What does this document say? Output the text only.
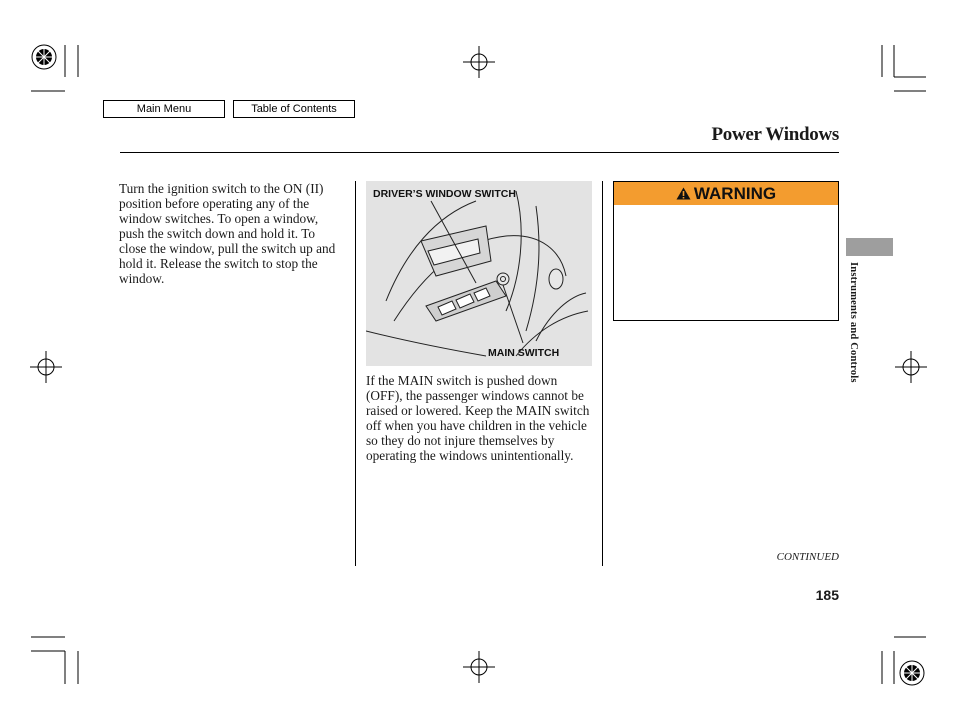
Main Menu	Table of Contents
Power Windows

Turn the ignition switch to the ON (II) position before operating any of the window switches. To open a window, push the switch down and hold it. To close the window, pull the switch up and hold it. Release the switch to stop the window.

DRIVER’S WINDOW SWITCH
MAIN SWITCH

If the MAIN switch is pushed down (OFF), the passenger windows cannot be raised or lowered. Keep the MAIN switch off when you have children in the vehicle so they do not injure themselves by operating the windows unintentionally.

WARNING
Instruments and Controls
CONTINUED
185
